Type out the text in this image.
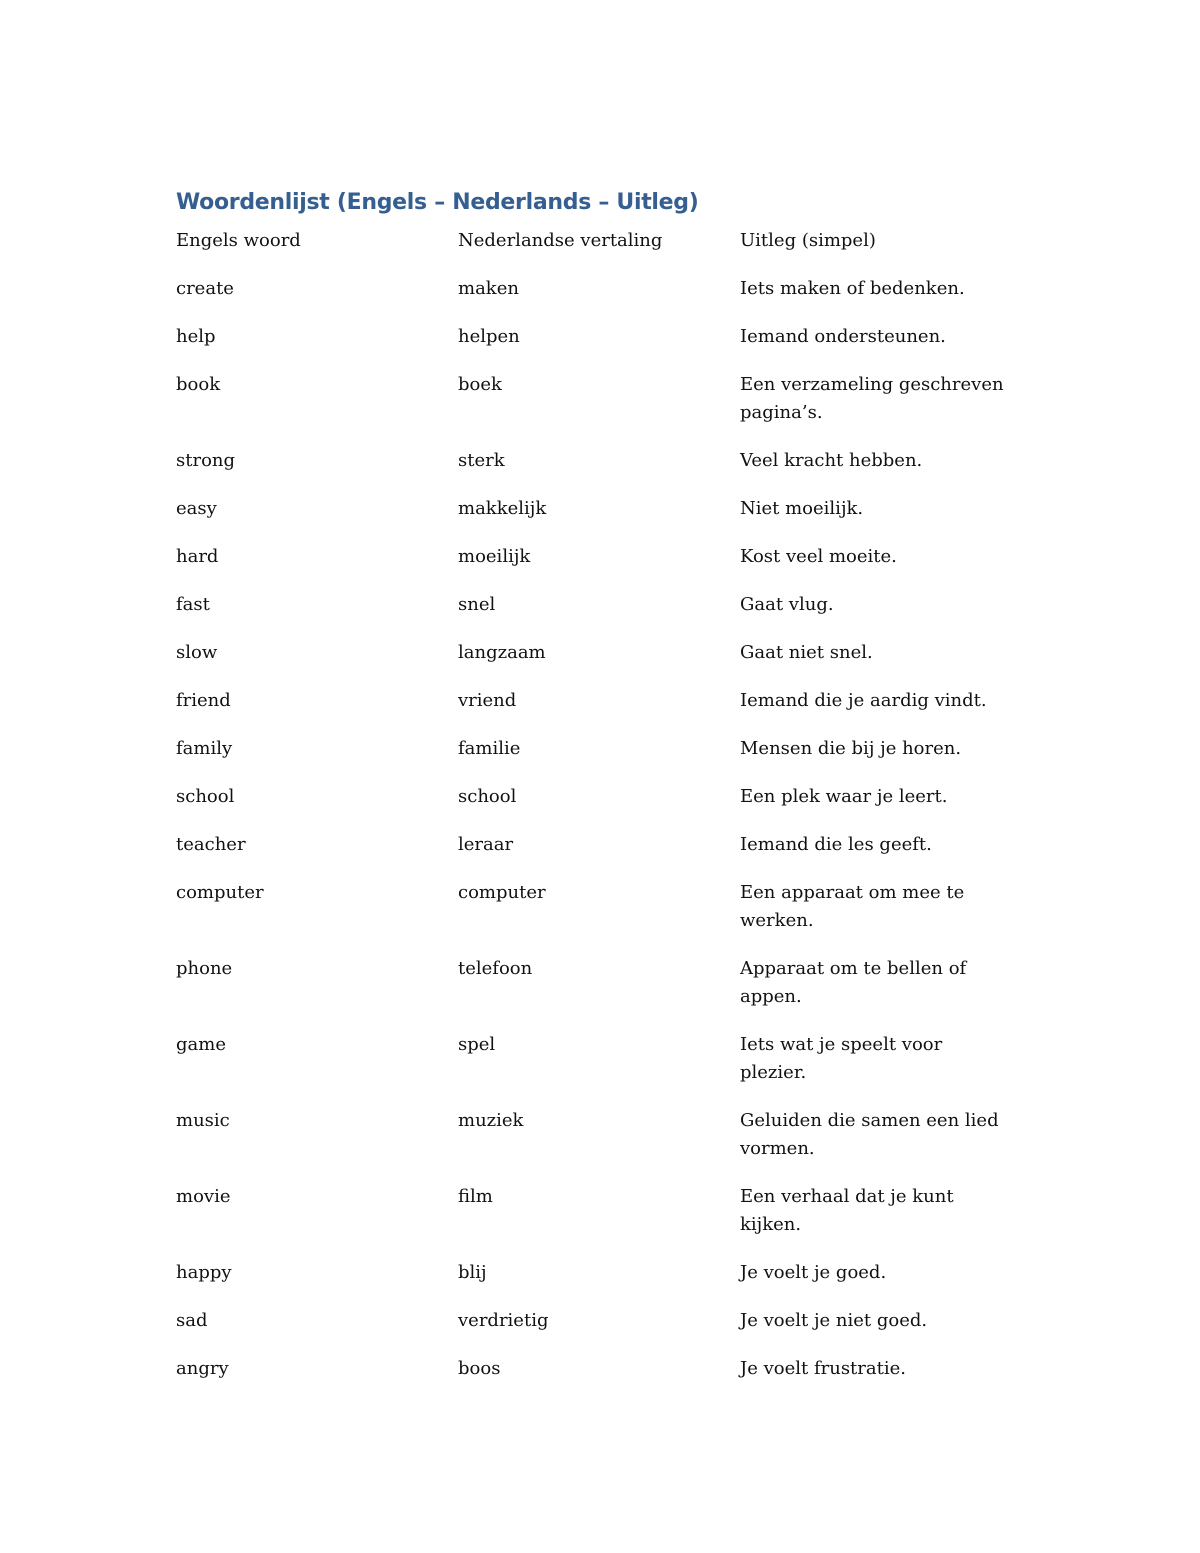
Woordenlijst (Engels – Nederlands – Uitleg)
Engels woord	Nederlandse vertaling	Uitleg (simpel)
create	maken	Iets maken of bedenken.
help	helpen	Iemand ondersteunen.
book	boek	Een verzameling geschreven pagina’s.
strong	sterk	Veel kracht hebben.
easy	makkelijk	Niet moeilijk.
hard	moeilijk	Kost veel moeite.
fast	snel	Gaat vlug.
slow	langzaam	Gaat niet snel.
friend	vriend	Iemand die je aardig vindt.
family	familie	Mensen die bij je horen.
school	school	Een plek waar je leert.
teacher	leraar	Iemand die les geeft.
computer	computer	Een apparaat om mee te werken.
phone	telefoon	Apparaat om te bellen of appen.
game	spel	Iets wat je speelt voor plezier.
music	muziek	Geluiden die samen een lied vormen.
movie	film	Een verhaal dat je kunt kijken.
happy	blij	Je voelt je goed.
sad	verdrietig	Je voelt je niet goed.
angry	boos	Je voelt frustratie.
